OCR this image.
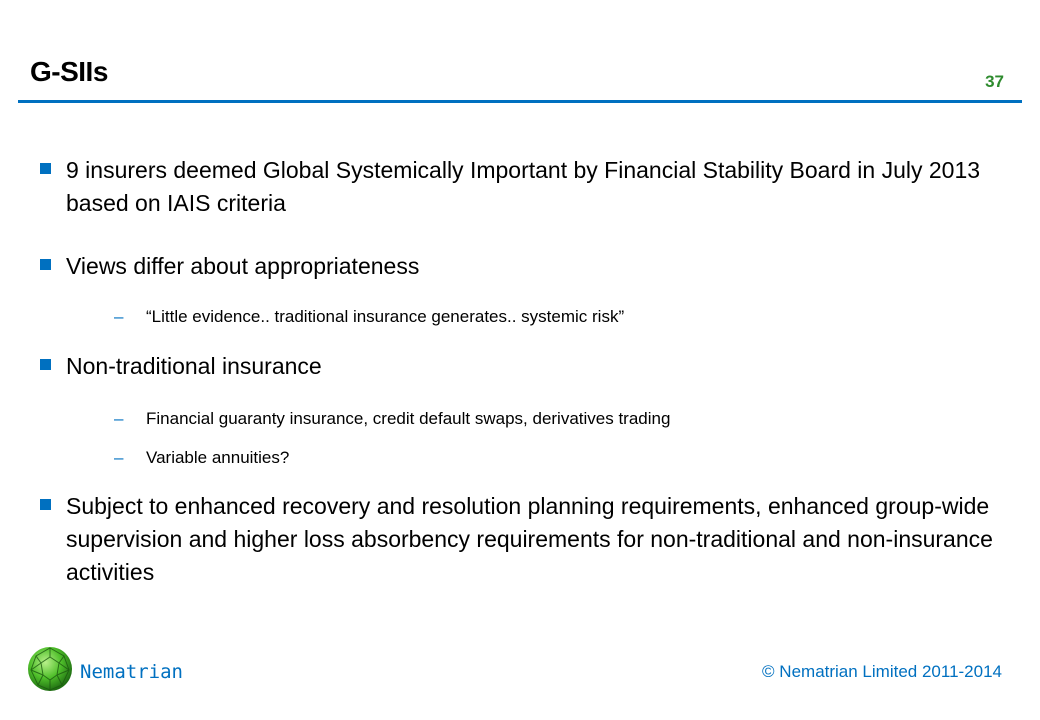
G-SIIs	37
9 insurers deemed Global Systemically Important by Financial Stability Board in July 2013 based on IAIS criteria
Views differ about appropriateness
–	“Little evidence.. traditional insurance generates.. systemic risk”
Non-traditional insurance
–	Financial guaranty insurance, credit default swaps, derivatives trading
–	Variable annuities?
Subject to enhanced recovery and resolution planning requirements, enhanced group-wide supervision and higher loss absorbency requirements for non-traditional and non-insurance activities
Nematrian	© Nematrian Limited 2011-2014
